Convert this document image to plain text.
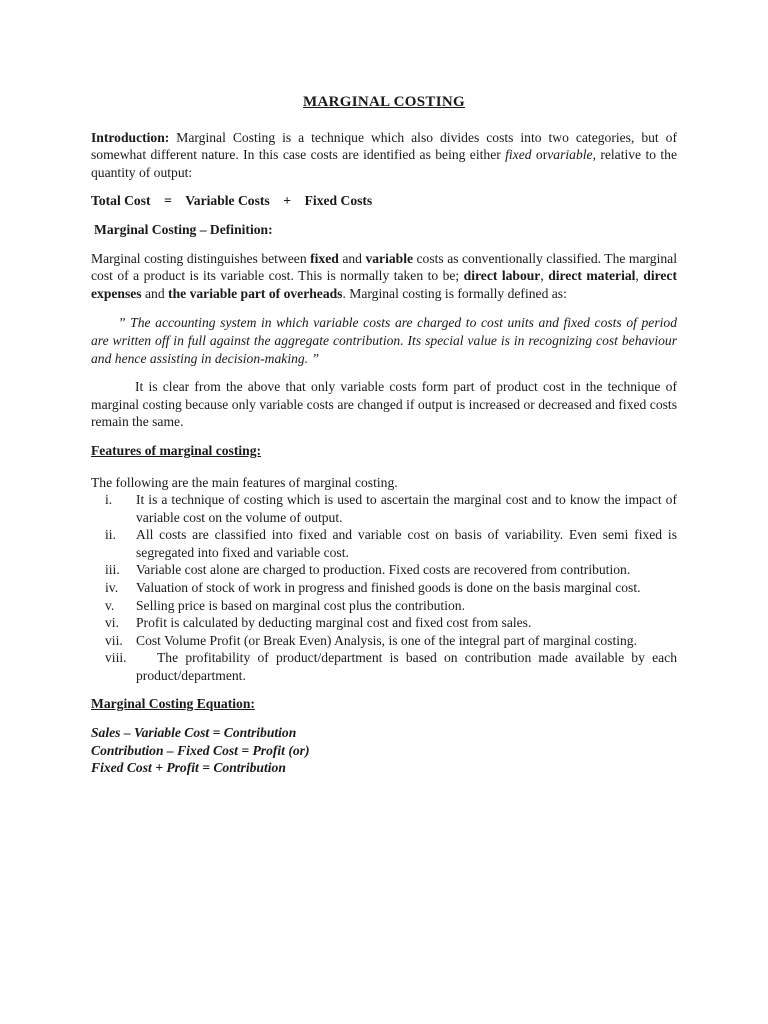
MARGINAL COSTING

Introduction: Marginal Costing is a technique which also divides costs into two categories, but of somewhat different nature. In this case costs are identified as being either fixed orvariable, relative to the quantity of output:

Total Cost    =    Variable Costs    +    Fixed Costs

Marginal Costing – Definition:

Marginal costing distinguishes between fixed and variable costs as conventionally classified. The marginal cost of a product is its variable cost. This is normally taken to be; direct labour, direct material, direct expenses and the variable part of overheads. Marginal costing is formally defined as:

” The accounting system in which variable costs are charged to cost units and fixed costs of period are written off in full against the aggregate contribution. Its special value is in recognizing cost behaviour and hence assisting in decision-making. ”

It is clear from the above that only variable costs form part of product cost in the technique of marginal costing because only variable costs are changed if output is increased or decreased and fixed costs remain the same.

Features of marginal costing:

The following are the main features of marginal costing.

i.	It is a technique of costing which is used to ascertain the marginal cost and to know the impact of variable cost on the volume of output.
ii.	All costs are classified into fixed and variable cost on basis of variability. Even semi fixed is segregated into fixed and variable cost.
iii.	Variable cost alone are charged to production. Fixed costs are recovered from contribution.
iv.	Valuation of stock of work in progress and finished goods is done on the basis marginal cost.
v.	Selling price is based on marginal cost plus the contribution.
vi.	Profit is calculated by deducting marginal cost and fixed cost from sales.
vii. Cost Volume Profit (or Break Even) Analysis, is one of the integral part of marginal costing.
viii.	The profitability of product/department is based on contribution made available by each product/department.

Marginal Costing Equation:

Sales – Variable Cost = Contribution

Contribution – Fixed Cost = Profit (or)

Fixed Cost + Profit = Contribution
